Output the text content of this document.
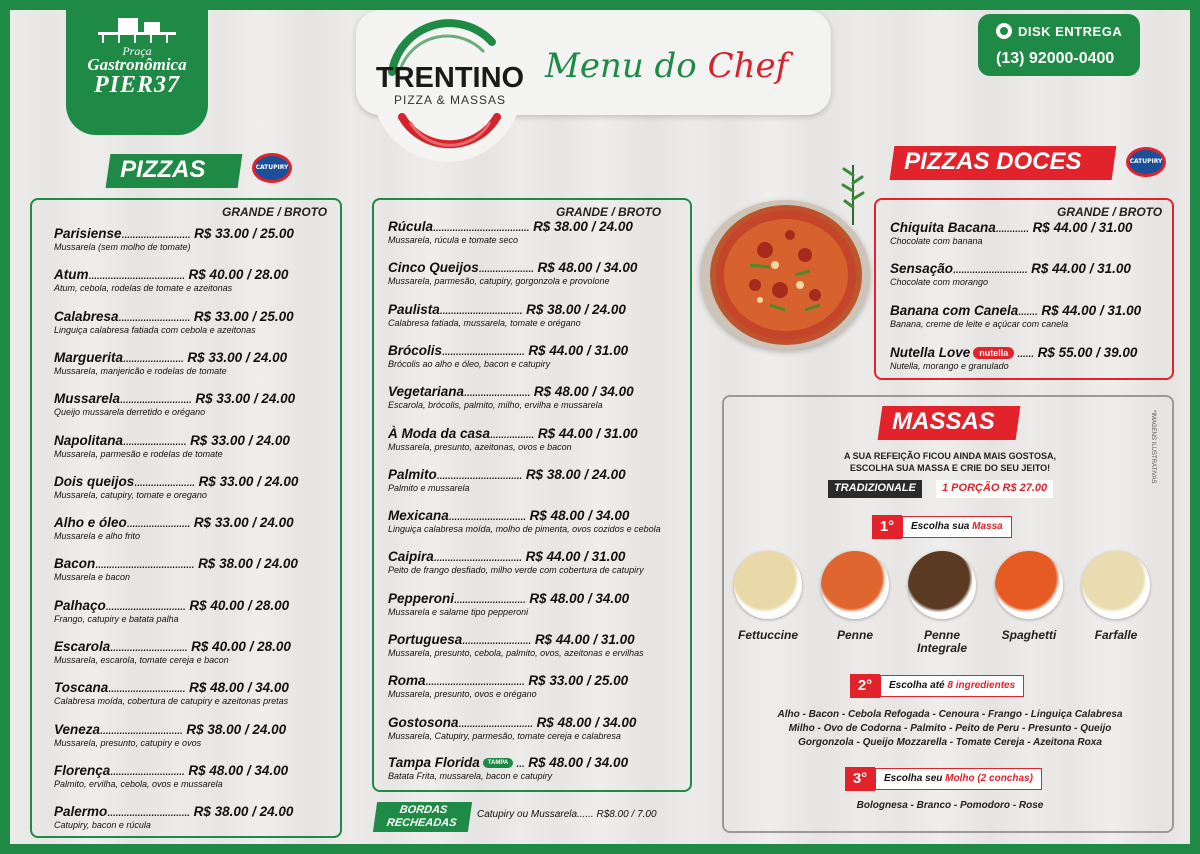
Praça
Gastronômica
PIER37	TRENTINO
PIZZA & MASSAS
Menu do Chef
DISK ENTREGA
(13) 92000-0400
PIZZAS	CATUPIRY
GRANDE / BROTO
Parisiense......................... R$ 33.00 / 25.00
Mussarela (sem molho de tomate)
Atum................................... R$ 40.00 / 28.00
Atum, cebola, rodelas de tomate e azeitonas
Calabresa.......................... R$ 33.00 / 25.00
Linguiça calabresa fatiada com cebola e azeitonas
Marguerita...................... R$ 33.00 / 24.00
Mussarela, manjericão e rodelas de tomate
Mussarela.......................... R$ 33.00 / 24.00
Queijo mussarela derretido e orégano
Napolitana....................... R$ 33.00 / 24.00
Mussarela, parmesão e rodelas de tomate
Dois queijos...................... R$ 33.00 / 24.00
Mussarela, catupiry, tomate e oregano
Alho e óleo....................... R$ 33.00 / 24.00
Mussarela e alho frito
Bacon.................................... R$ 38.00 / 24.00
Mussarela e bacon
Palhaço............................. R$ 40.00 / 28.00
Frango, catupiry e batata palha
Escarola............................ R$ 40.00 / 28.00
Mussarela, escarola, tomate cereja e bacon
Toscana............................ R$ 48.00 / 34.00
Calabresa moída, cobertura de catupiry e azeitonas pretas
Veneza.............................. R$ 38.00 / 24.00
Mussarela, presunto, catupiry e ovos
Florença........................... R$ 48.00 / 34.00
Palmito, ervilha, cebola, ovos e mussarela
Palermo.............................. R$ 38.00 / 24.00
Catupiry, bacon e rúcula
GRANDE / BROTO
Rúcula................................... R$ 38.00 / 24.00
Mussarela, rúcula e tomate seco
Cinco Queijos.................... R$ 48.00 / 34.00
Mussarela, parmesão, catupiry, gorgonzola e provolone
Paulista.............................. R$ 38.00 / 24.00
Calabresa fatiada, mussarela, tomate e orégano
Brócolis.............................. R$ 44.00 / 31.00
Brócolis ao alho e óleo, bacon e catupiry
Vegetariana........................ R$ 48.00 / 34.00
Escarola, brócolis, palmito, milho, ervilha e mussarela
À Moda da casa................ R$ 44.00 / 31.00
Mussarela, presunto, azeitonas, ovos e bacon
Palmito............................... R$ 38.00 / 24.00
Palmito e mussarela
Mexicana............................ R$ 48.00 / 34.00
Linguiça calabresa moída, molho de pimenta, ovos cozidos e cebola
Caipira................................ R$ 44.00 / 31.00
Peito de frango desfiado, milho verde com cobertura de catupiry
Pepperoni.......................... R$ 48.00 / 34.00
Mussarela e salame tipo pepperoni
Portuguesa......................... R$ 44.00 / 31.00
Mussarela, presunto, cebola, palmito, ovos, azeitonas e ervilhas
Roma.................................... R$ 33.00 / 25.00
Mussarela, presunto, ovos e orégano
Gostosona........................... R$ 48.00 / 34.00
Mussarela, Catupiry, parmesão, tomate cereja e calabresa
Tampa Florida TAMPA ... R$ 48.00 / 34.00
Batata Frita, mussarela, bacon e catupiry
BORDAS
RECHEADAS
Catupiry ou Mussarela...... R$8.00 / 7.00
PIZZAS DOCES	CATUPIRY
GRANDE / BROTO
Chiquita Bacana............ R$ 44.00 / 31.00
Chocolate com banana
Sensação........................... R$ 44.00 / 31.00
Chocolate com morango
Banana com Canela....... R$ 44.00 / 31.00
Banana, creme de leite e açúcar com canela
Nutella Love nutella ...... R$ 55.00 / 39.00
Nutella, morango e granulado
MASSAS	*IMAGENS ILUSTRATIVAS
A SUA REFEIÇÃO FICOU AINDA MAIS GOSTOSA,
ESCOLHA SUA MASSA E CRIE DO SEU JEITO!
TRADIZIONALE	1 PORÇÃO R$ 27.00
1°	Escolha sua Massa
Fettuccine	Penne	Penne Integrale
Spaghetti	Farfalle
2°	Escolha até 8 ingredientes
Alho - Bacon - Cebola Refogada - Cenoura - Frango - Linguiça Calabresa
Milho - Ovo de Codorna - Palmito - Peito de Peru - Presunto - Queijo
Gorgonzola - Queijo Mozzarella - Tomate Cereja - Azeitona Roxa
3°	Escolha seu Molho (2 conchas)
Bolognesa - Branco - Pomodoro - Rose
